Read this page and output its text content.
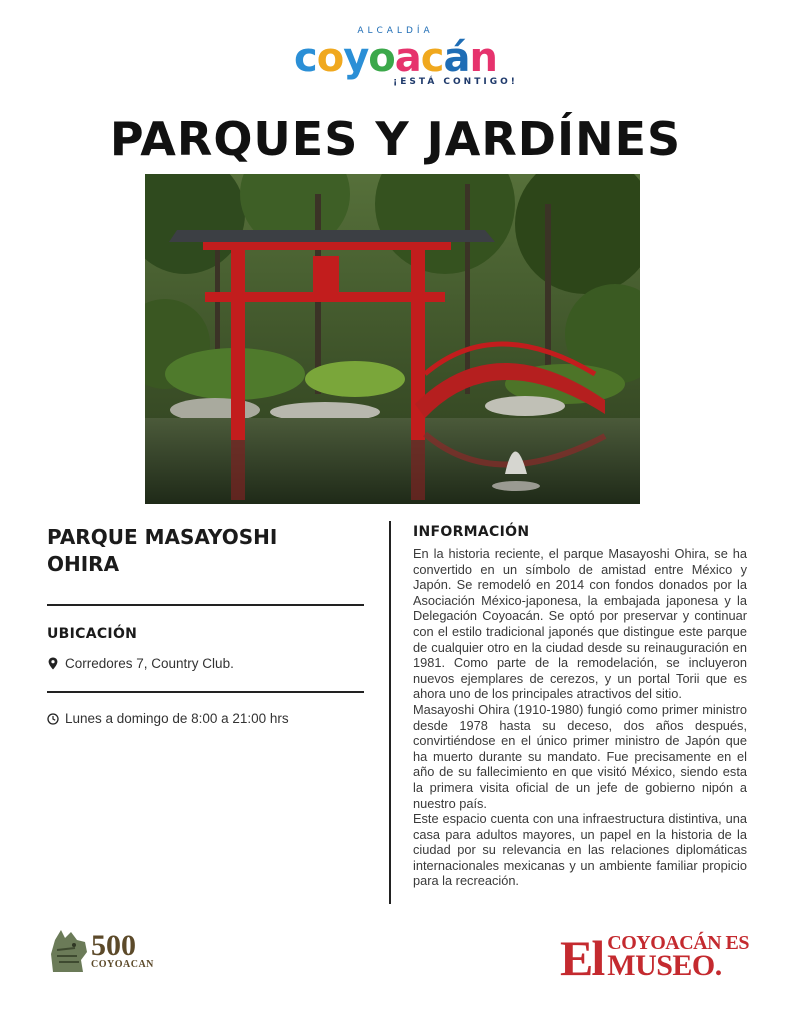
ALCALDÍA
coyoacán
¡ESTÁ CONTIGO!
PARQUES Y JARDÍNES
PARQUE MASAYOSHI OHIRA
UBICACIÓN
Corredores 7, Country Club.
Lunes a domingo de 8:00 a 21:00 hrs
INFORMACIÓN

En la historia reciente, el parque Masayoshi Ohira, se ha convertido en un símbolo de amistad entre México y Japón. Se remodeló en 2014 con fondos donados por la Asociación México-japonesa, la embajada japonesa y la Delegación Coyoacán. Se optó por preservar y continuar con el estilo tradicional japonés que distingue este parque de cualquier otro en la ciudad desde su reinauguración en 1981. Como parte de la remodelación, se incluyeron nuevos ejemplares de cerezos, y un portal Torii que es ahora uno de los principales atractivos del sitio.

Masayoshi Ohira (1910-1980) fungió como primer ministro desde 1978 hasta su deceso, dos años después, convirtiéndose en el único primer ministro de Japón que ha muerto durante su mandato. Fue precisamente en el año de su fallecimiento en que visitó México, siendo esta la primera visita oficial de un jefe de gobierno nipón a nuestro país.

Este espacio cuenta con una infraestructura distintiva, una casa para adultos mayores, un papel en la historia de la ciudad por su relevancia en las relaciones diplomáticas internacionales mexicanas y un ambiente familiar propicio para la recreación.

500
COYOACAN	El COYOACÁN ES
MUSEO.
